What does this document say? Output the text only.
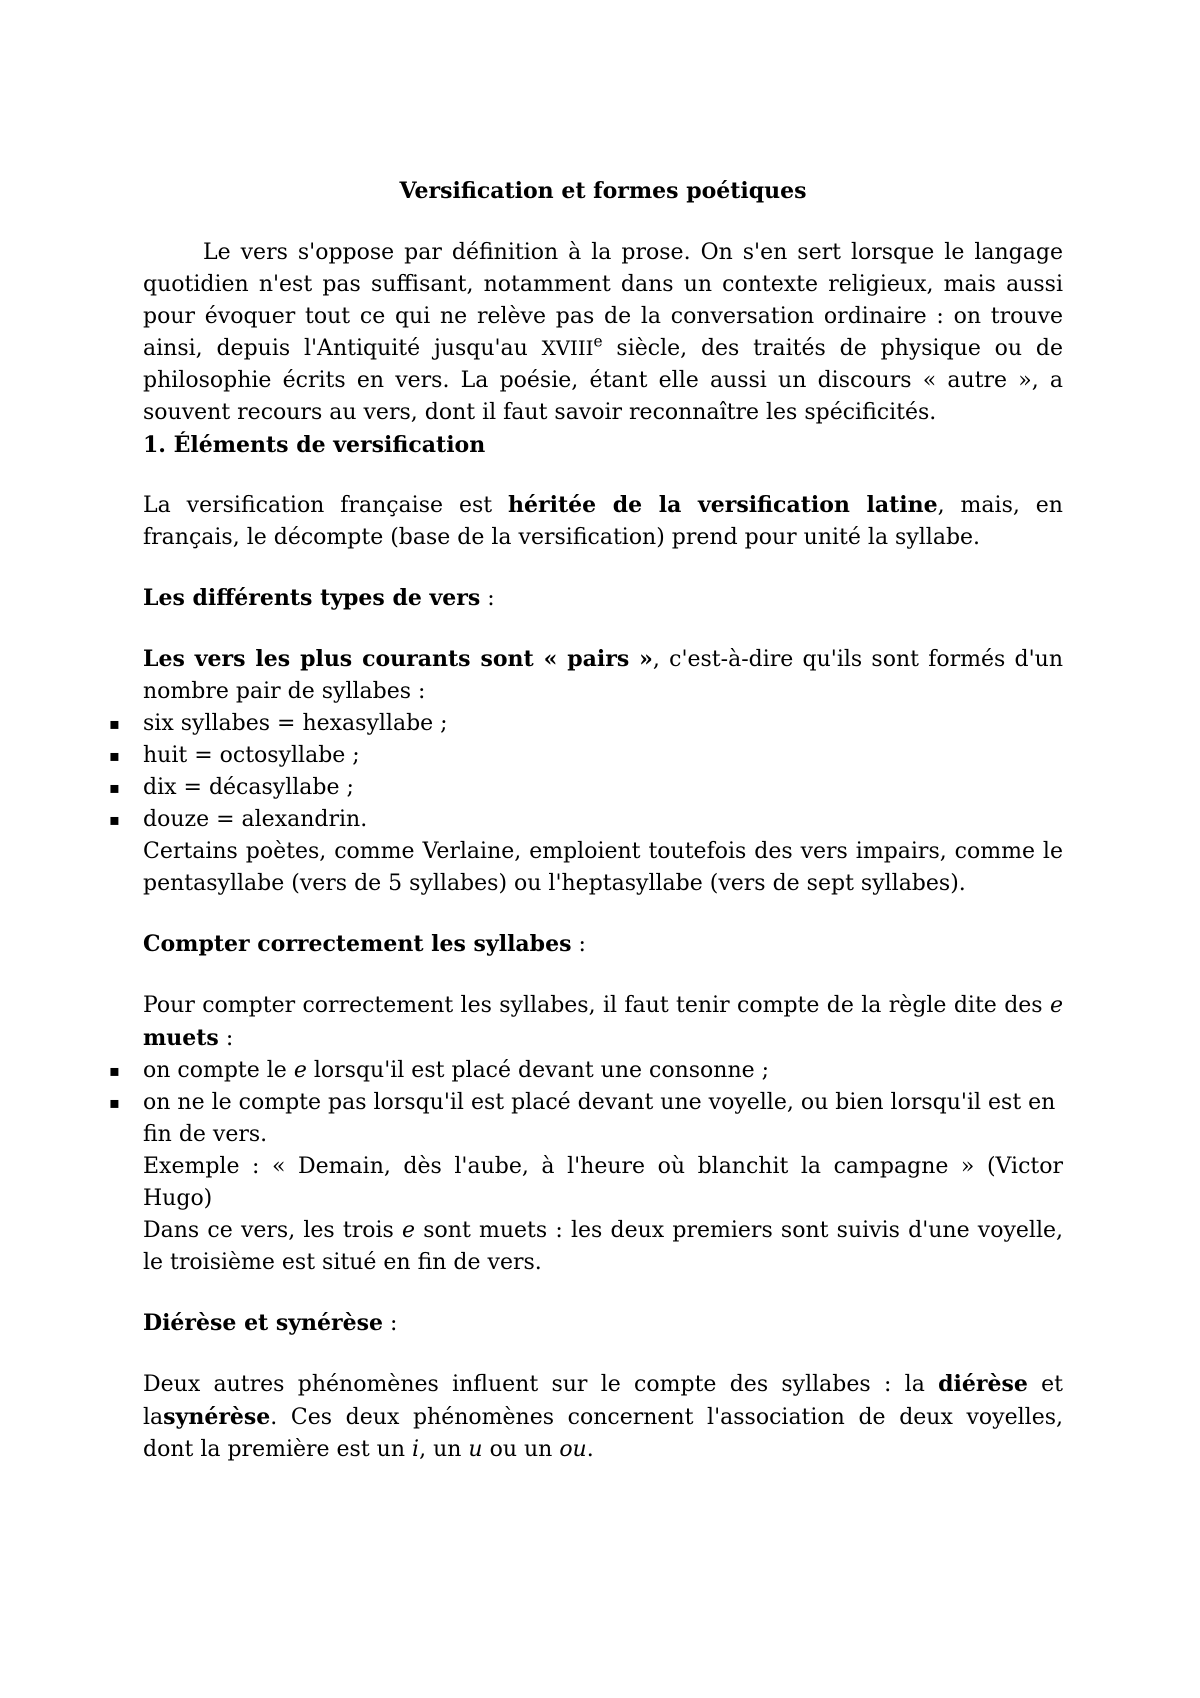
Versification et formes poétiques

Le vers s'oppose par définition à la prose. On s'en sert lorsque le langage quotidien n'est pas suffisant, notamment dans un contexte religieux, mais aussi pour évoquer tout ce qui ne relève pas de la conversation ordinaire : on trouve ainsi, depuis l'Antiquité jusqu'au XVIIIe siècle, des traités de physique ou de philosophie écrits en vers. La poésie, étant elle aussi un discours « autre », a souvent recours au vers, dont il faut savoir reconnaître les spécificités.

1. Éléments de versification

La versification française est héritée de la versification latine, mais, en français, le décompte (base de la versification) prend pour unité la syllabe.

Les différents types de vers :

Les vers les plus courants sont « pairs », c'est-à-dire qu'ils sont formés d'un nombre pair de syllabes :

▪ six syllabes = hexasyllabe ;
▪ huit = octosyllabe ;
▪ dix = décasyllabe ;
▪ douze = alexandrin.

Certains poètes, comme Verlaine, emploient toutefois des vers impairs, comme le pentasyllabe (vers de 5 syllabes) ou l'heptasyllabe (vers de sept syllabes).

Compter correctement les syllabes :

Pour compter correctement les syllabes, il faut tenir compte de la règle dite des e muets :

▪ on compte le e lorsqu'il est placé devant une consonne ;
▪ on ne le compte pas lorsqu'il est placé devant une voyelle, ou bien lorsqu'il est en fin de vers.

Exemple : « Demain, dès l'aube, à l'heure où blanchit la campagne » (Victor Hugo)

Dans ce vers, les trois e sont muets : les deux premiers sont suivis d'une voyelle, le troisième est situé en fin de vers.

Diérèse et synérèse :

Deux autres phénomènes influent sur le compte des syllabes : la diérèse et lasynérèse. Ces deux phénomènes concernent l'association de deux voyelles, dont la première est un i, un u ou un ou.
